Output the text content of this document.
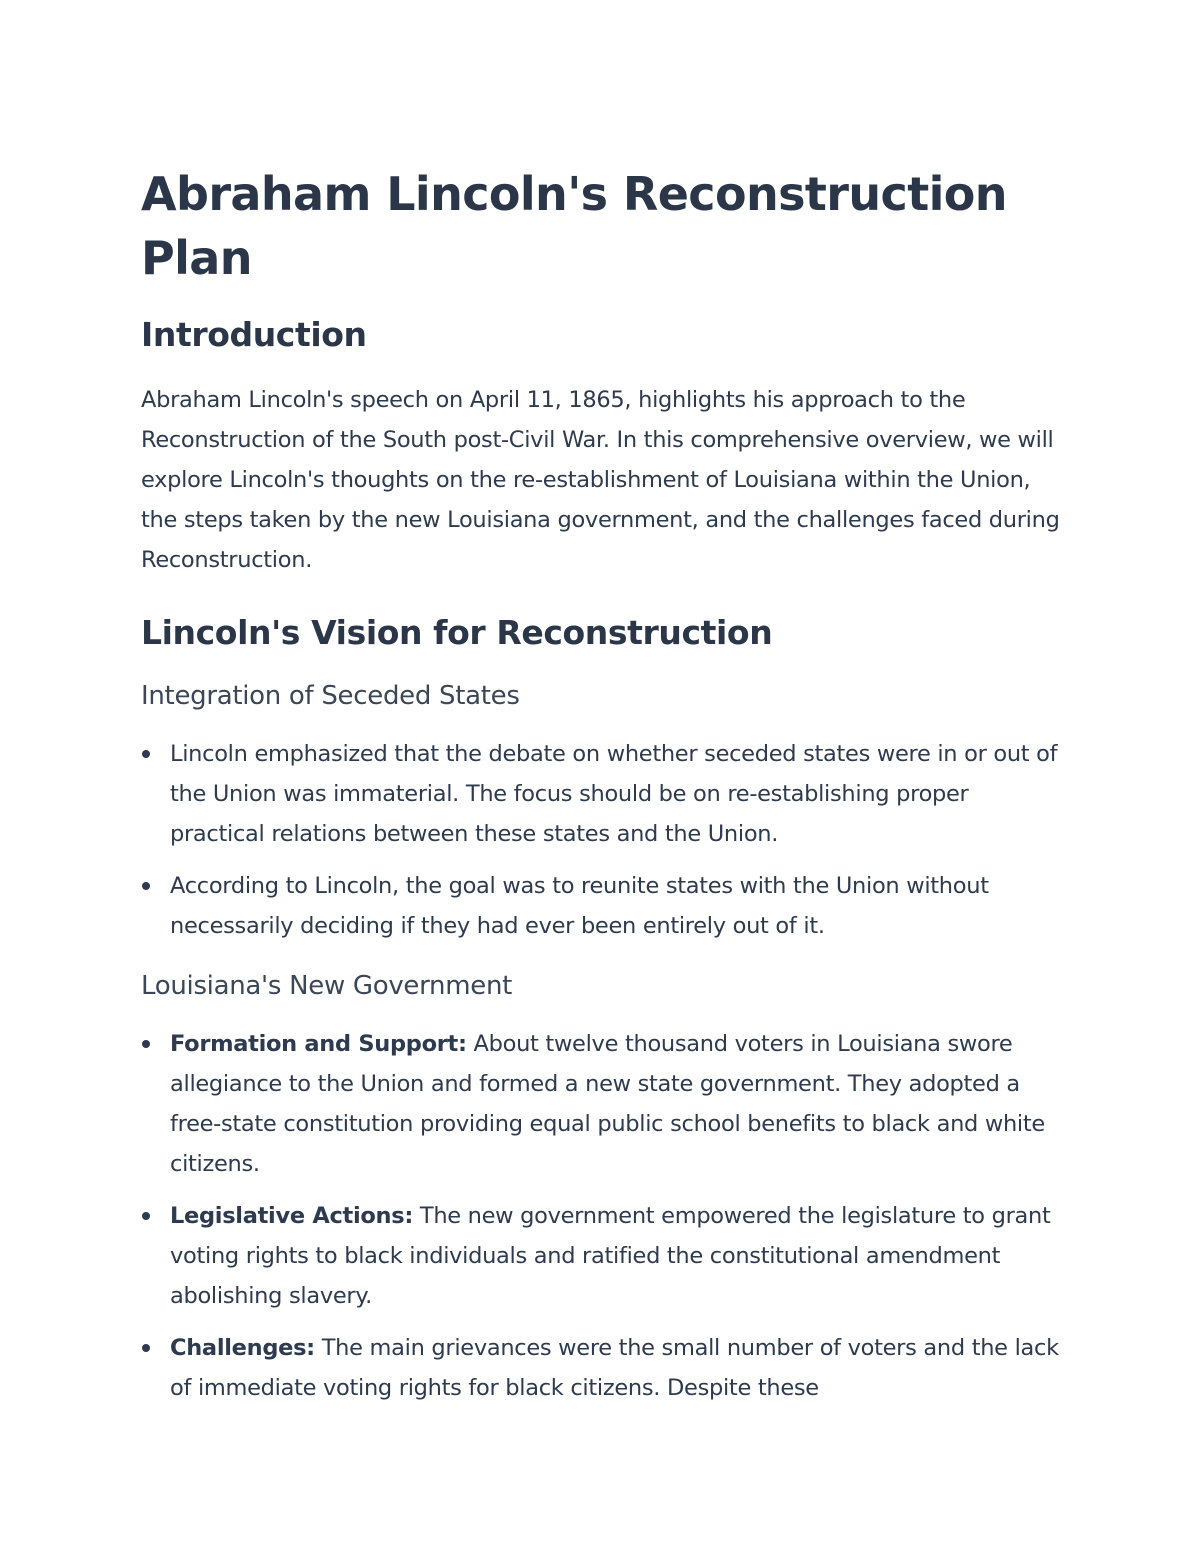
Abraham Lincoln's Reconstruction Plan
Introduction

Abraham Lincoln's speech on April 11, 1865, highlights his approach to the Reconstruction of the South post-Civil War. In this comprehensive overview, we will explore Lincoln's thoughts on the re-establishment of Louisiana within the Union, the steps taken by the new Louisiana government, and the challenges faced during Reconstruction.

Lincoln's Vision for Reconstruction
Integration of Seceded States
Lincoln emphasized that the debate on whether seceded states were in or out of the Union was immaterial. The focus should be on re-establishing proper practical relations between these states and the Union.
According to Lincoln, the goal was to reunite states with the Union without necessarily deciding if they had ever been entirely out of it.
Louisiana's New Government
Formation and Support: About twelve thousand voters in Louisiana swore allegiance to the Union and formed a new state government. They adopted a free-state constitution providing equal public school benefits to black and white citizens.
Legislative Actions: The new government empowered the legislature to grant voting rights to black individuals and ratified the constitutional amendment abolishing slavery.
Challenges: The main grievances were the small number of voters and the lack of immediate voting rights for black citizens. Despite these
